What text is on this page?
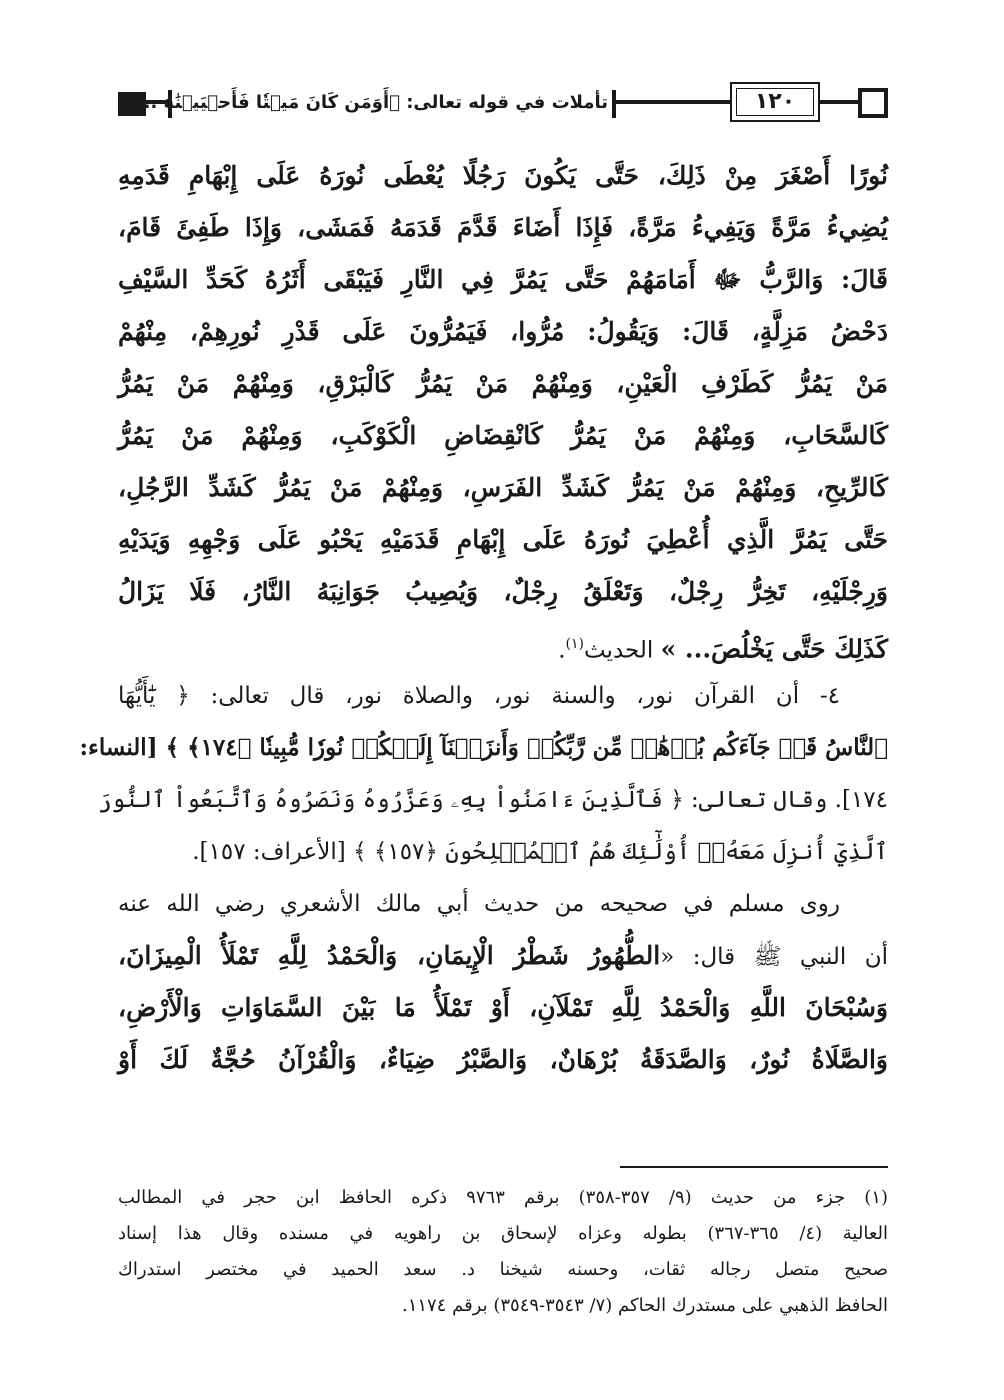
تأملات في قوله تعالى: ﴿أَوَمَن كَانَ مَيۡتٗا فَأَحۡيَيۡنَٰهُ ...﴾	١٢٠
نُورًا أَصْغَرَ مِنْ ذَلِكَ، حَتَّى يَكُونَ رَجُلًا يُعْطَى نُورَهُ عَلَى إِبْهَامِ قَدَمِهِ
يُضِيءُ مَرَّةً وَيَفِيءُ مَرَّةً، فَإِذَا أَضَاءَ قَدَّمَ قَدَمَهُ فَمَشَى، وَإِذَا طَفِئَ قَامَ،
قَالَ: وَالرَّبُّ ﷻ أَمَامَهُمْ حَتَّى يَمُرَّ فِي النَّارِ فَيَبْقَى أَثَرُهُ كَحَدِّ السَّيْفِ
دَحْضُ مَزِلَّةٍ، قَالَ: وَيَقُولُ: مُرُّوا، فَيَمُرُّونَ عَلَى قَدْرِ نُورِهِمْ، مِنْهُمْ
مَنْ يَمُرُّ كَطَرْفِ الْعَيْنِ، وَمِنْهُمْ مَنْ يَمُرُّ كَالْبَرْقِ، وَمِنْهُمْ مَنْ يَمُرُّ
كَالسَّحَابِ، وَمِنْهُمْ مَنْ يَمُرُّ كَانْقِضَاضِ الْكَوْكَبِ، وَمِنْهُمْ مَنْ يَمُرُّ
كَالرِّيحِ، وَمِنْهُمْ مَنْ يَمُرُّ كَشَدِّ الفَرَسِ، وَمِنْهُمْ مَنْ يَمُرُّ كَشَدِّ الرَّجُلِ،
حَتَّى يَمُرَّ الَّذِي أُعْطِيَ نُورَهُ عَلَى إِبْهَامِ قَدَمَيْهِ يَحْبُو عَلَى وَجْهِهِ وَيَدَيْهِ
وَرِجْلَيْهِ، تَخِرُّ رِجْلٌ، وَتَعْلَقُ رِجْلٌ، وَيُصِيبُ جَوَانِبَهُ النَّارُ، فَلَا يَزَالُ
كَذَلِكَ حَتَّى يَخْلُصَ... » الحديث$^{(١)}$.
٤- أن القرآن نور، والسنة نور، والصلاة نور، قال تعالى: ﴿ يَٰٓأَيُّهَا
ٱلنَّاسُ قَدۡ جَآءَكُم بُرۡهَٰنٞ مِّن رَّبِّكُمۡ وَأَنزَلۡنَآ إِلَيۡكُمۡ نُورٗا مُّبِينٗا ﴿١٧٤﴾ ﴾ [النساء:
١٧٤]. وقال تعالى: ﴿ فَٱلَّذِينَ ءَامَنُواْ بِهِۦ وَعَزَّرُوهُ وَنَصَرُوهُ وَٱتَّبَعُواْ ٱلنُّورَ
ٱلَّذِيٓ أُنزِلَ مَعَهُۥٓ أُوْلَٰٓئِكَ هُمُ ٱلۡمُفۡلِحُونَ ﴿١٥٧﴾ ﴾ [الأعراف: ١٥٧].
روى مسلم في صحيحه من حديث أبي مالك الأشعري رضي الله عنه
أن النبي ﷺ قال: «الطُّهُورُ شَطْرُ الْإِيمَانِ، وَالْحَمْدُ لِلَّهِ تَمْلَأُ الْمِيزَانَ،
وَسُبْحَانَ اللَّهِ وَالْحَمْدُ لِلَّهِ تَمْلَآنِ، أَوْ تَمْلَأُ مَا بَيْنَ السَّمَاوَاتِ وَالْأَرْضِ،
وَالصَّلَاةُ نُورٌ، وَالصَّدَقَةُ بُرْهَانٌ، وَالصَّبْرُ ضِيَاءٌ، وَالْقُرْآنُ حُجَّةٌ لَكَ أَوْ
(١) جزء من حديث (٩/ ٣٥٧-٣٥٨) برقم ٩٧٦٣ ذكره الحافظ ابن حجر في المطالب
العالية (٤/ ٣٦٥-٣٦٧) بطوله وعزاه لإسحاق بن راهويه في مسنده وقال هذا إسناد
صحيح متصل رجاله ثقات، وحسنه شيخنا د. سعد الحميد في مختصر استدراك
الحافظ الذهبي على مستدرك الحاكم (٧/ ٣٥٤٣-٣٥٤٩) برقم ١١٧٤.
